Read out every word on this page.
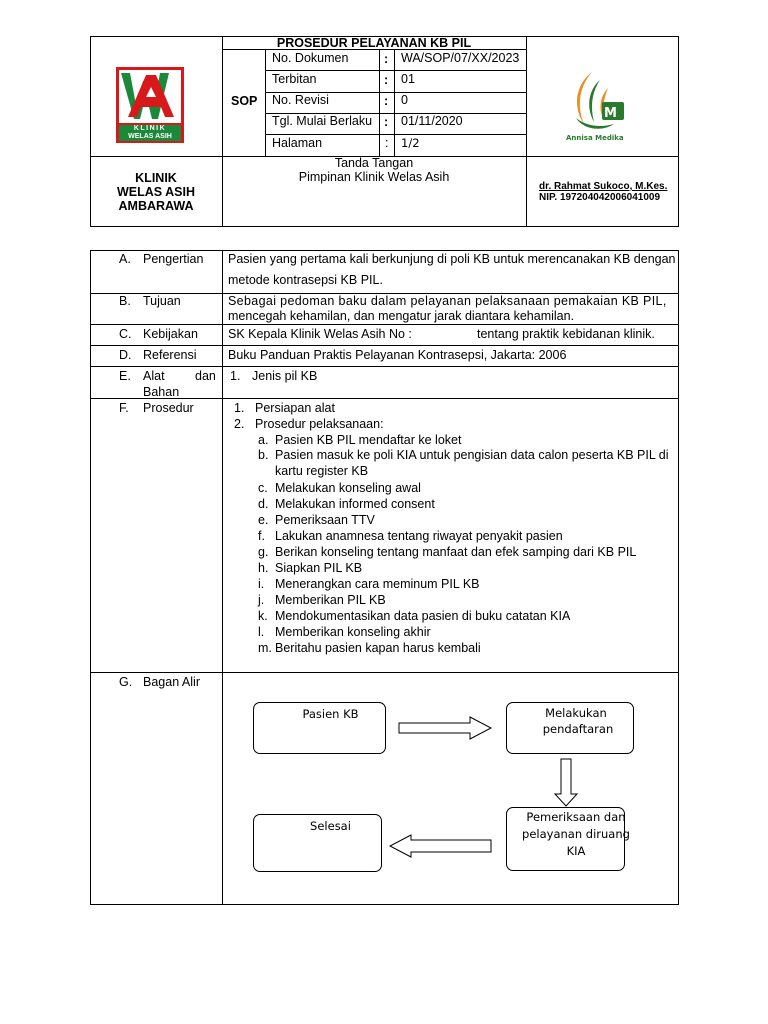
PROSEDUR PELAYANAN KB PIL
SOP
No. Dokumen	: WA/SOP/07/XX/2023
Terbitan	: 01
No. Revisi	: 0
Tgl. Mulai Berlaku : 01/11/2020
Halaman	: 1/2
KLINIK
WELAS ASIH
M
Annisa Medika
KLINIK
WELAS ASIH
AMBARAWA
Tanda Tangan
Pimpinan Klinik Welas Asih
dr. Rahmat Sukoco, M.Kes.
NIP. 197204042006041009
A. Pengertian Pasien yang pertama kali berkunjung di poli KB untuk merencanakan KB dengan
metode kontrasepsi KB PIL.
B. Tujuan	Sebagai pedoman baku dalam pelayanan pelaksanaan pemakaian KB PIL,
mencegah kehamilan, dan mengatur jarak diantara kehamilan.
C. Kebijakan SK Kepala Klinik Welas Asih No :	tentang praktik kebidanan klinik.
D. Referensi	Buku Panduan Praktis Pelayanan Kontrasepsi, Jakarta: 2006
E. Alat dan
Bahan
1. Jenis pil KB
F. Prosedur	1. Persiapan alat
2. Prosedur pelaksanaan:
a. Pasien KB PIL mendaftar ke loket
b. Pasien masuk ke poli KIA untuk pengisian data calon peserta KB PIL di
kartu register KB
c. Melakukan konseling awal
d. Melakukan informed consent
e. Pemeriksaan TTV
f. Lakukan anamnesa tentang riwayat penyakit pasien
g. Berikan konseling tentang manfaat dan efek samping dari KB PIL
h. Siapkan PIL KB
i. Menerangkan cara meminum PIL KB
j. Memberikan PIL KB
k. Mendokumentasikan data pasien di buku catatan KIA
l. Memberikan konseling akhir
m. Beritahu pasien kapan harus kembali
G. Bagan Alir
Pasien KB	Melakukan
pendaftaran
Pemeriksaan dan
pelayanan diruang
KIA
Selesai
